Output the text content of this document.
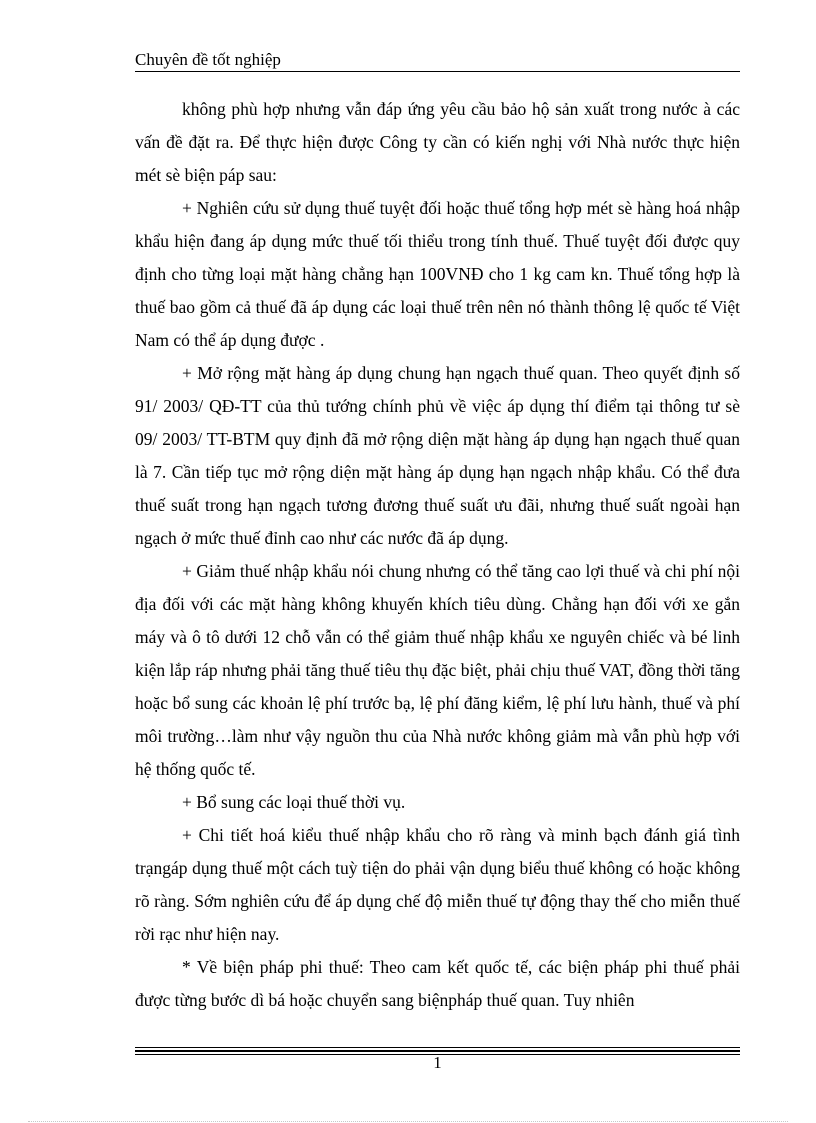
Chuyên đề tốt nghiệp

không phù hợp nhưng vẫn đáp ứng yêu cầu bảo hộ sản xuất trong nước à các vấn đề đặt ra. Để thực hiện được Công ty cần có kiến nghị với Nhà nước thực hiện mét sè biện páp sau:

+ Nghiên cứu sử dụng thuế tuyệt đối hoặc thuế tổng hợp mét sè hàng hoá nhập khẩu hiện đang áp dụng mức thuế tối thiểu trong tính thuế. Thuế tuyệt đối được quy định cho từng loại mặt hàng chẳng hạn 100VNĐ cho 1 kg cam kn. Thuế tổng hợp là thuế bao gồm cả thuế đã áp dụng các loại thuế trên nên nó thành thông lệ quốc tế Việt Nam có thể áp dụng được .

+ Mở rộng mặt hàng áp dụng chung hạn ngạch thuế quan. Theo quyết định số 91/ 2003/ QĐ-TT của thủ tướng chính phủ về việc áp dụng thí điểm tại thông tư sè 09/ 2003/ TT-BTM quy định đã mở rộng diện mặt hàng áp dụng hạn ngạch thuế quan là 7. Cần tiếp tục mở rộng diện mặt hàng áp dụng hạn ngạch nhập khẩu. Có thể đưa thuế suất trong hạn ngạch tương đương thuế suất ưu đãi, nhưng thuế suất ngoài hạn ngạch ở mức thuế đỉnh cao như các nước đã áp dụng.

+ Giảm thuế nhập khẩu nói chung nhưng có thể tăng cao lợi thuế và chi phí nội địa đối với các mặt hàng không khuyến khích tiêu dùng. Chẳng hạn đối với xe gắn máy và ô tô dưới 12 chỗ vẫn có thể giảm thuế nhập khẩu xe nguyên chiếc và bé linh kiện lắp ráp nhưng phải tăng thuế tiêu thụ đặc biệt, phải chịu thuế VAT, đồng thời tăng hoặc bổ sung các khoản lệ phí trước bạ, lệ phí đăng kiểm, lệ phí lưu hành, thuế và phí môi trường…làm như vậy nguồn thu của Nhà nước không giảm mà vẫn phù hợp với hệ thống quốc tế.

+ Bổ sung các loại thuế thời vụ.

+ Chi tiết hoá kiểu thuế nhập khẩu cho rõ ràng và minh bạch đánh giá tình trạngáp dụng thuế một cách tuỳ tiện do phải vận dụng biểu thuế không có hoặc không rõ ràng. Sớm nghiên cứu để áp dụng chế độ miễn thuế tự động thay thế cho miễn thuế rời rạc như hiện nay.

* Về biện pháp phi thuế: Theo cam kết quốc tế, các biện pháp phi thuế phải được từng bước dì bá hoặc chuyển sang biệnpháp thuế quan. Tuy nhiên

1
